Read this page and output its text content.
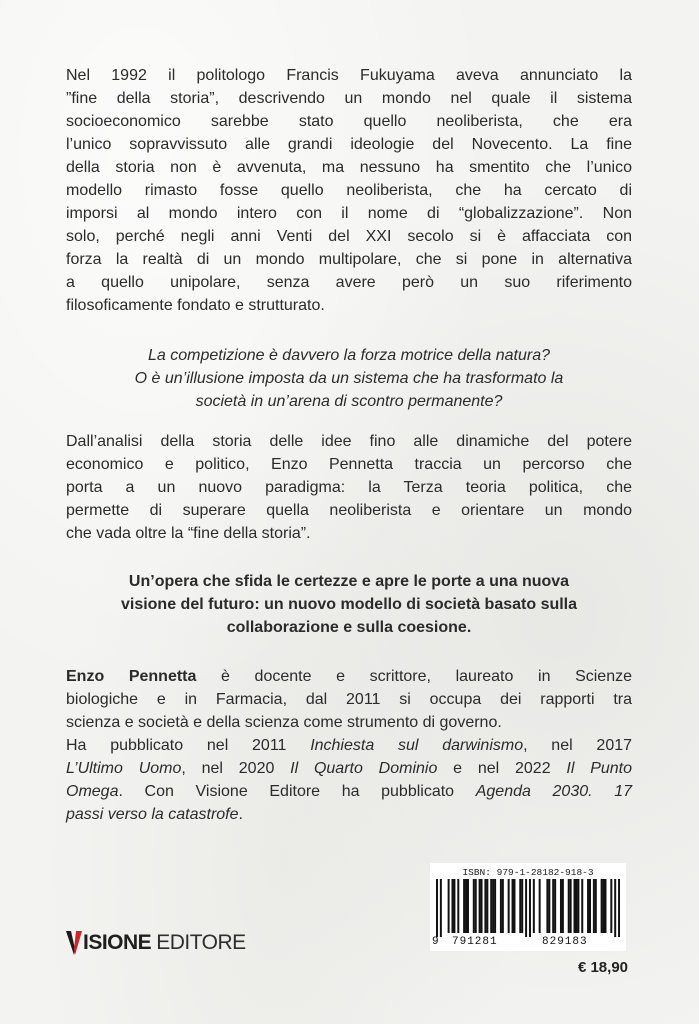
Nel 1992 il politologo Francis Fukuyama aveva annunciato la
”fine della storia”, descrivendo un mondo nel quale il sistema
socioeconomico sarebbe stato quello neoliberista, che era
l’unico sopravvissuto alle grandi ideologie del Novecento. La fine
della storia non è avvenuta, ma nessuno ha smentito che l’unico
modello rimasto fosse quello neoliberista, che ha cercato di
imporsi al mondo intero con il nome di “globalizzazione”. Non
solo, perché negli anni Venti del XXI secolo si è affacciata con
forza la realtà di un mondo multipolare, che si pone in alternativa
a quello unipolare, senza avere però un suo riferimento
filosoficamente fondato e strutturato.
La competizione è davvero la forza motrice della natura?
O è un’illusione imposta da un sistema che ha trasformato la
società in un’arena di scontro permanente?
Dall’analisi della storia delle idee fino alle dinamiche del potere
economico e politico, Enzo Pennetta traccia un percorso che
porta a un nuovo paradigma: la Terza teoria politica, che
permette di superare quella neoliberista e orientare un mondo
che vada oltre la “fine della storia”.
Un’opera che sfida le certezze e apre le porte a una nuova
visione del futuro: un nuovo modello di società basato sulla
collaborazione e sulla coesione.
Enzo Pennetta è docente e scrittore, laureato in Scienze
biologiche e in Farmacia, dal 2011 si occupa dei rapporti tra
scienza e società e della scienza come strumento di governo.
Ha pubblicato nel 2011 Inchiesta sul darwinismo, nel 2017
L’Ultimo Uomo, nel 2020 Il Quarto Dominio e nel 2022 Il Punto
Omega. Con Visione Editore ha pubblicato Agenda 2030. 17
passi verso la catastrofe.
ISIONE EDITORE
ISBN: 979-1-28182-918-3
9 791281	829183
€ 18,90
